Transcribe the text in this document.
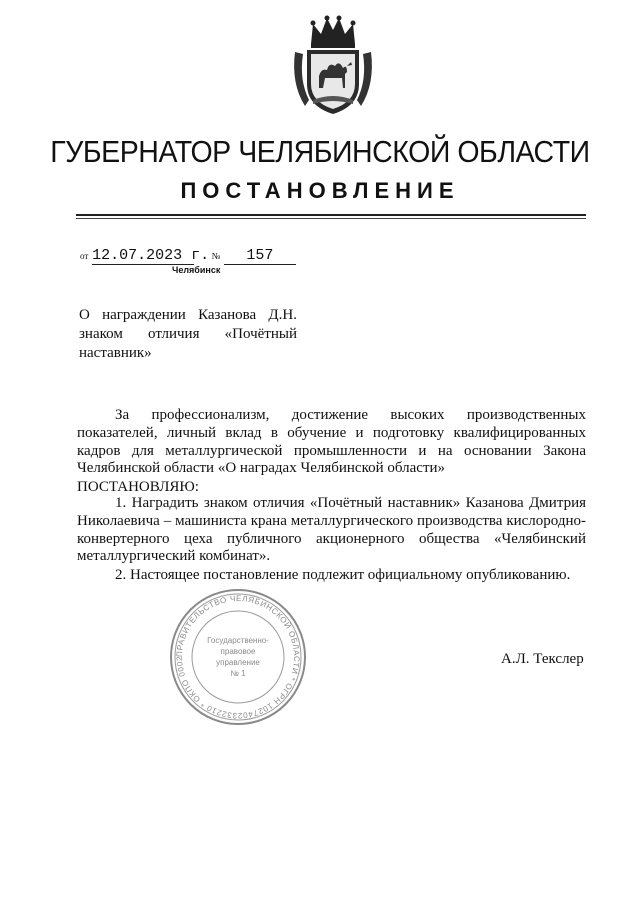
ГУБЕРНАТОР ЧЕЛЯБИНСКОЙ ОБЛАСТИ
ПОСТАНОВЛЕНИЕ
от 12.07.2023 г. № 157
Челябинск
О награждении Казанова Д.Н.
знаком отличия «Почётный
наставник»
За профессионализм, достижение высоких производственных показателей, личный вклад в обучение и подготовку квалифицированных кадров для металлургической промышленности и на основании Закона Челябинской области «О наградах Челябинской области»
ПОСТАНОВЛЯЮ:
1. Наградить знаком отличия «Почётный наставник» Казанова Дмитрия Николаевича – машиниста крана металлургического производства кислородно-конвертерного цеха публичного акционерного общества «Челябинский металлургический комбинат».
2. Настоящее постановление подлежит официальному опубликованию.
ПРАВИТЕЛЬСТВО ЧЕЛЯБИНСКОЙ ОБЛАСТИ * ОГРН 1027402332210 * ОКПО 0002
Государственно-
правовое
управление
№ 1
А.Л. Текслер
